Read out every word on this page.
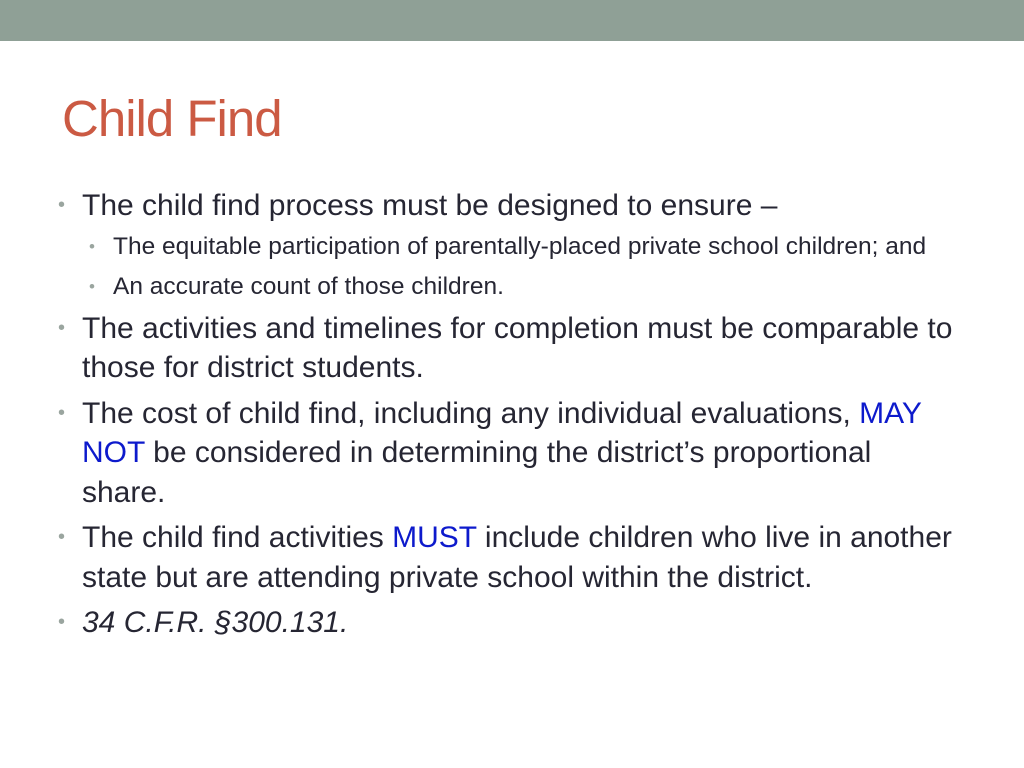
Child Find
• The child find process must be designed to ensure –
• The equitable participation of parentally-placed private school children; and
• An accurate count of those children.
• The activities and timelines for completion must be comparable to those for district students.
• The cost of child find, including any individual evaluations, MAY NOT be considered in determining the district’s proportional share.
• The child find activities MUST include children who live in another state but are attending private school within the district.
• 34 C.F.R. §300.131.
